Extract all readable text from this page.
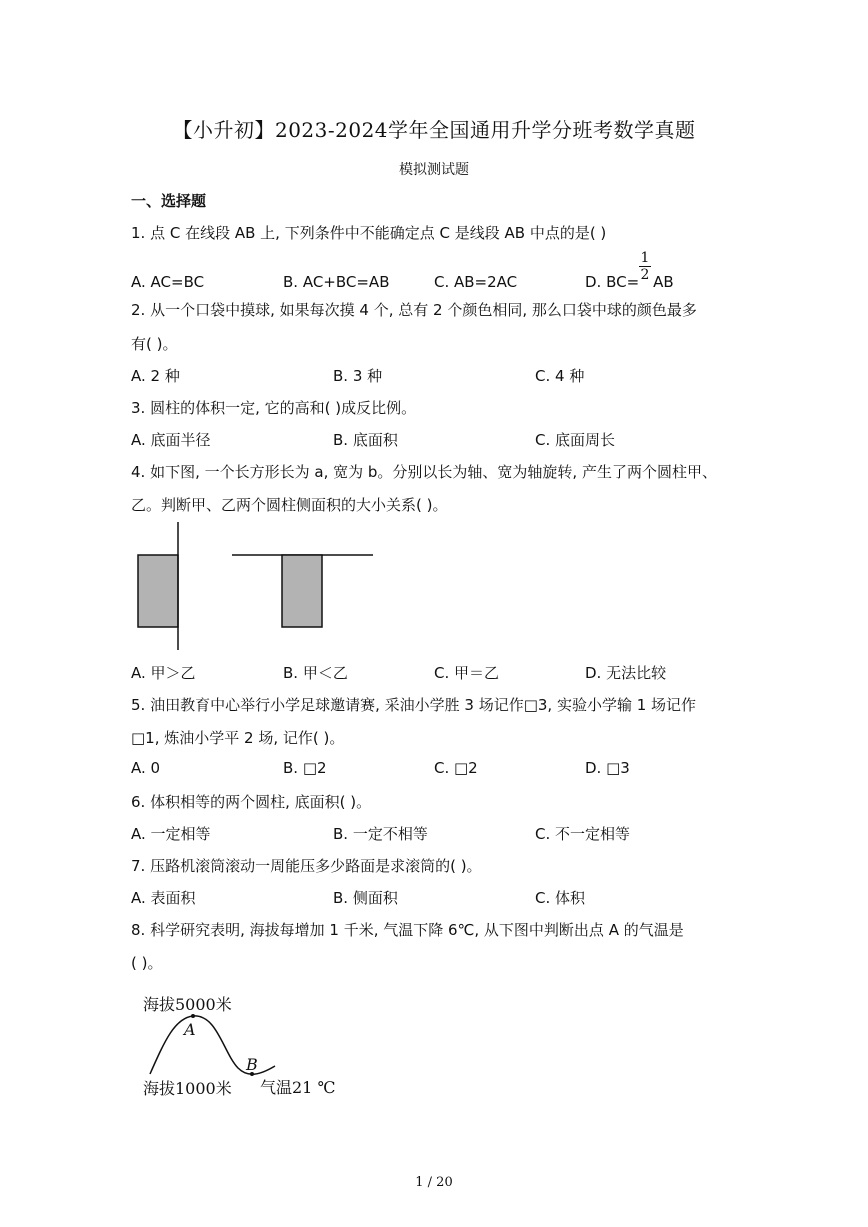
【小升初】2023-2024学年全国通用升学分班考数学真题
模拟测试题
一、选择题
1. 点 C 在线段 AB 上, 下列条件中不能确定点 C 是线段 AB 中点的是( )
A. AC=BC	B. AC+BC=AB	C. AB=2AC	D. BC= AB
$\frac{1}{2}$
2. 从一个口袋中摸球, 如果每次摸 4 个, 总有 2 个颜色相同, 那么口袋中球的颜色最多
有( )。
A. 2 种	B. 3 种	C. 4 种
3. 圆柱的体积一定, 它的高和( )成反比例。
A. 底面半径	B. 底面积	C. 底面周长
4. 如下图, 一个长方形长为 a, 宽为 b。分别以长为轴、宽为轴旋转, 产生了两个圆柱甲、
乙。判断甲、乙两个圆柱侧面积的大小关系( )。
A. 甲＞乙	B. 甲＜乙	C. 甲＝乙	D. 无法比较
5. 油田教育中心举行小学足球邀请赛, 采油小学胜 3 场记作□3, 实验小学输 1 场记作
□1, 炼油小学平 2 场, 记作( )。
A. 0	B. □2	C. □2	D. □3
6. 体积相等的两个圆柱, 底面积( )。
A. 一定相等	B. 一定不相等	C. 不一定相等
7. 压路机滚筒滚动一周能压多少路面是求滚筒的( )。
A. 表面积	B. 侧面积	C. 体积
8. 科学研究表明, 海拔每增加 1 千米, 气温下降 6℃, 从下图中判断出点 A 的气温是
( )。
海拔5000米
A
B
海拔1000米 气温21 ℃
1 / 20
